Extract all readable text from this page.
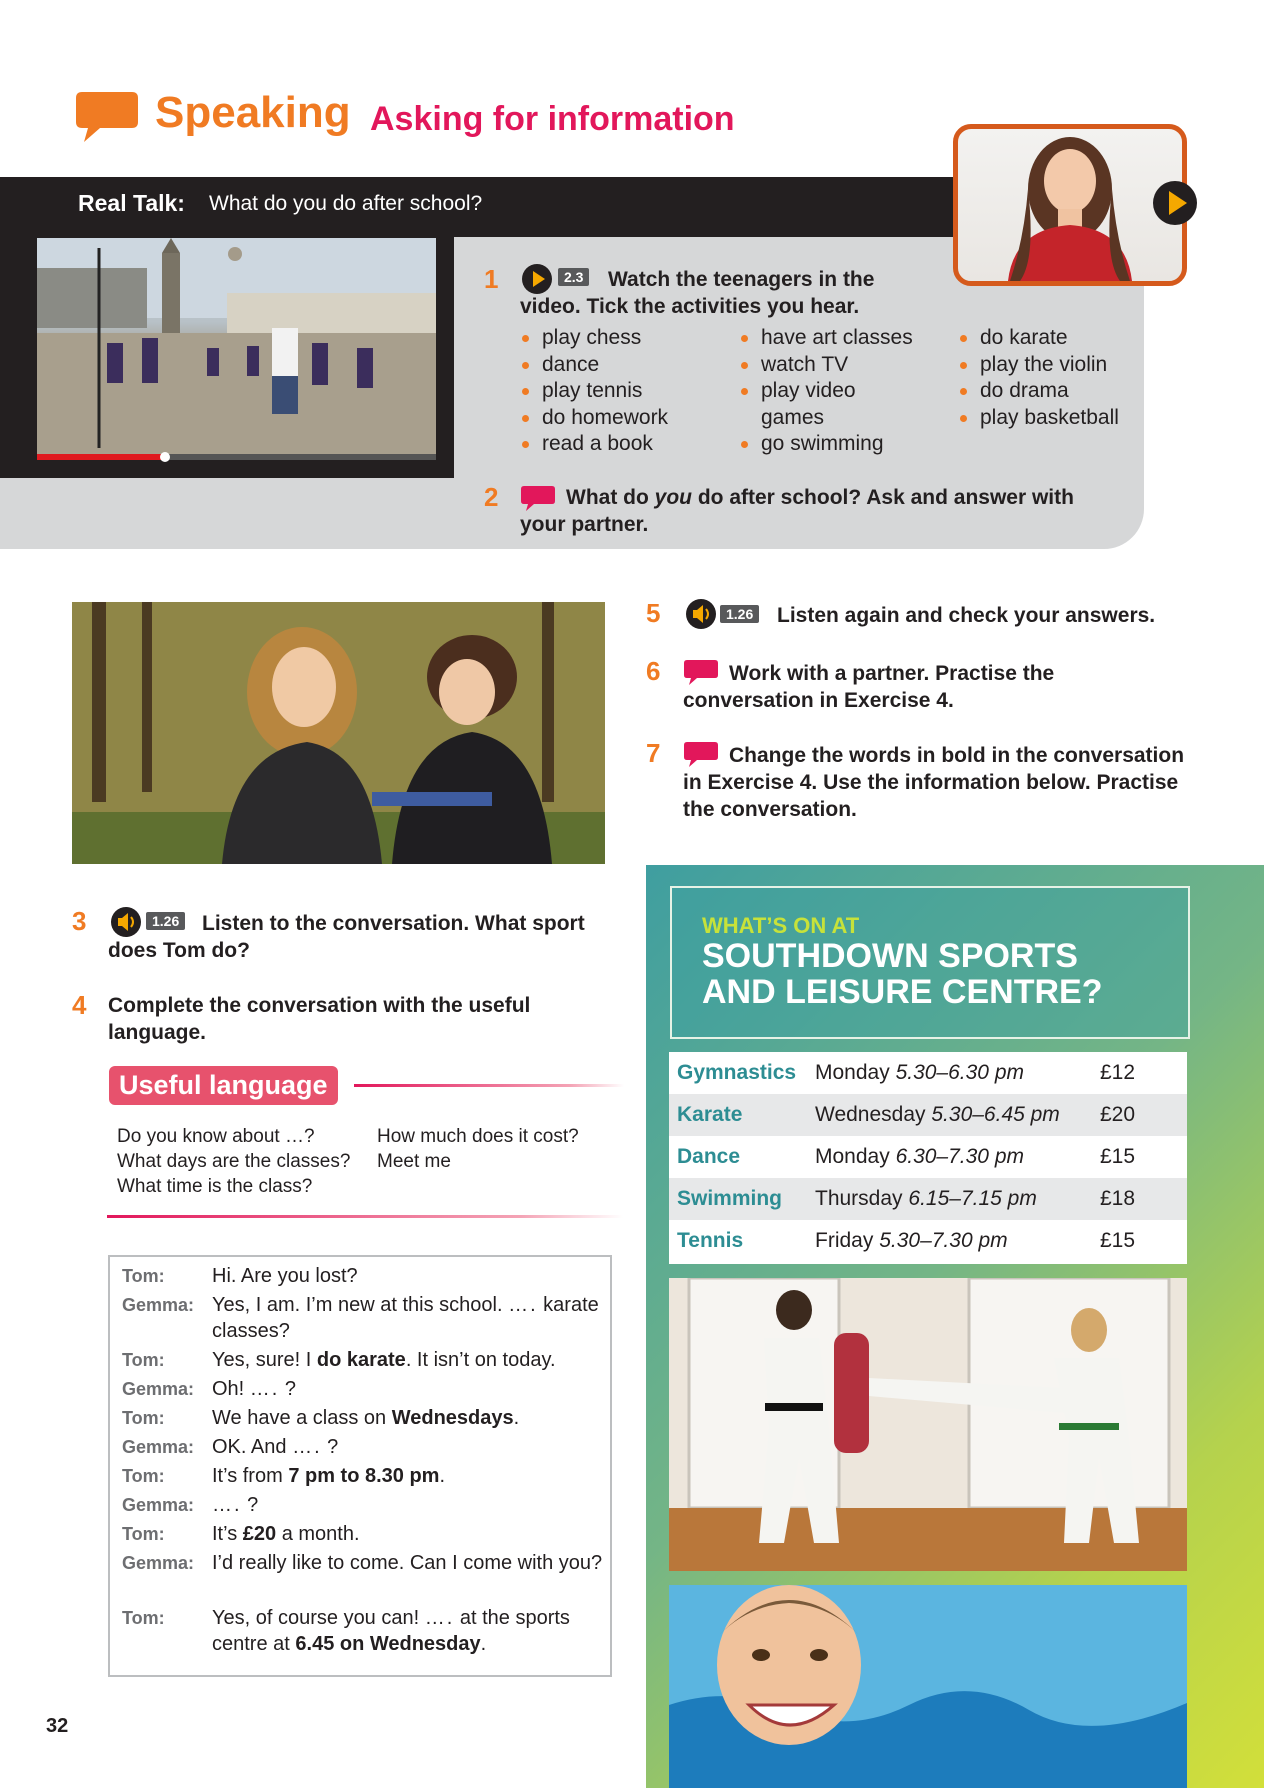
Speaking Asking for information
Real Talk: What do you do after school?
1	2.3	Watch the teenagers in the video. Tick the activities you hear.
play chess
dance
play tennis
do homework
read a book
have art classes
watch TV
play video
games
go swimming
do karate
play the violin
do drama
play basketball
2	What do you do after school? Ask and answer with your partner.
3	1.26	Listen to the conversation. What sport does Tom do?
4 Complete the conversation with the useful language.
Useful language
Do you know about …?
What days are the classes?
What time is the class?
How much does it cost?
Meet me
Tom: Hi. Are you lost?
Gemma: Yes, I am. I’m new at this school. …. karate classes?
Tom: Yes, sure! I do karate. It isn’t on today.
Gemma: Oh! …. ?
Tom: We have a class on Wednesdays.
Gemma: OK. And …. ?
Tom: It’s from 7 pm to 8.30 pm.
Gemma: …. ?
Tom: It’s £20 a month.
Gemma: I’d really like to come. Can I come with you?
Tom: Yes, of course you can! …. at the sports centre at 6.45 on Wednesday.
32
5	1.26	Listen again and check your answers.
6	Work with a partner. Practise the conversation in Exercise 4.
7	Change the words in bold in the conversation in Exercise 4. Use the information below. Practise the conversation.
WHAT’S ON AT
SOUTHDOWN SPORTS
AND LEISURE CENTRE?
Gymnastics Monday 5.30–6.30 pm	£12
Karate	Wednesday 5.30–6.45 pm £20
Dance	Monday 6.30–7.30 pm	£15
Swimming Thursday 6.15–7.15 pm	£18
Tennis	Friday 5.30–7.30 pm	£15
